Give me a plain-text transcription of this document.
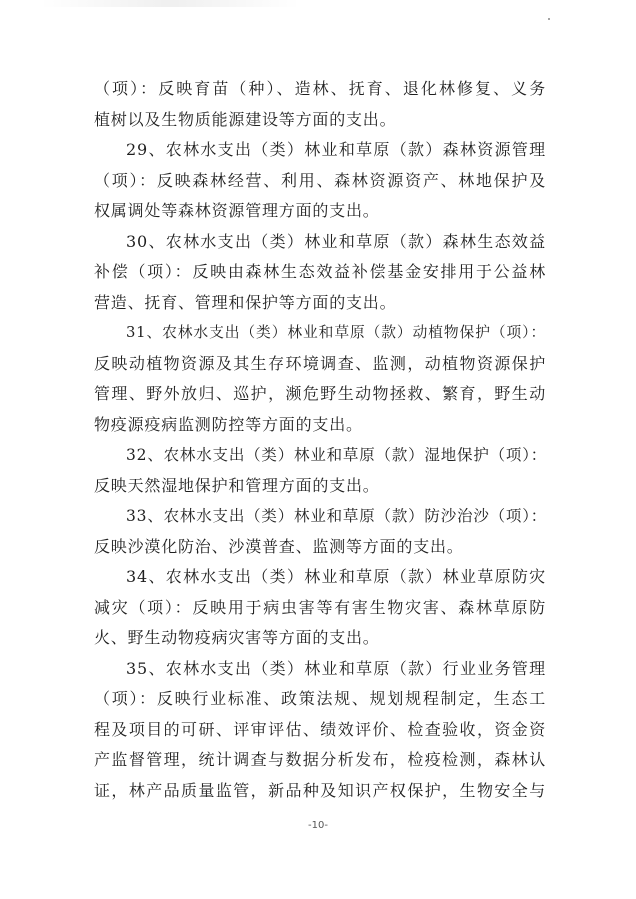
（项）：反映育苗（种）、造林、抚育、退化林修复、义务
植树以及生物质能源建设等方面的支出。
29、农林水支出（类）林业和草原（款）森林资源管理
（项）：反映森林经营、利用、森林资源资产、林地保护及
权属调处等森林资源管理方面的支出。
30、农林水支出（类）林业和草原（款）森林生态效益
补偿（项）：反映由森林生态效益补偿基金安排用于公益林
营造、抚育、管理和保护等方面的支出。
31、农林水支出（类）林业和草原（款）动植物保护（项）：
反映动植物资源及其生存环境调查、监测，动植物资源保护
管理、野外放归、巡护，濒危野生动物拯救、繁育，野生动
物疫源疫病监测防控等方面的支出。
32、农林水支出（类）林业和草原（款）湿地保护（项）：
反映天然湿地保护和管理方面的支出。
33、农林水支出（类）林业和草原（款）防沙治沙（项）：
反映沙漠化防治、沙漠普查、监测等方面的支出。
34、农林水支出（类）林业和草原（款）林业草原防灾
减灾（项）：反映用于病虫害等有害生物灾害、森林草原防
火、野生动物疫病灾害等方面的支出。
35、农林水支出（类）林业和草原（款）行业业务管理
（项）：反映行业标准、政策法规、规划规程制定，生态工
程及项目的可研、评审评估、绩效评价、检查验收，资金资
产监督管理，统计调查与数据分析发布，检疫检测，森林认
证，林产品质量监管，新品种及知识产权保护，生物安全与
-10-
